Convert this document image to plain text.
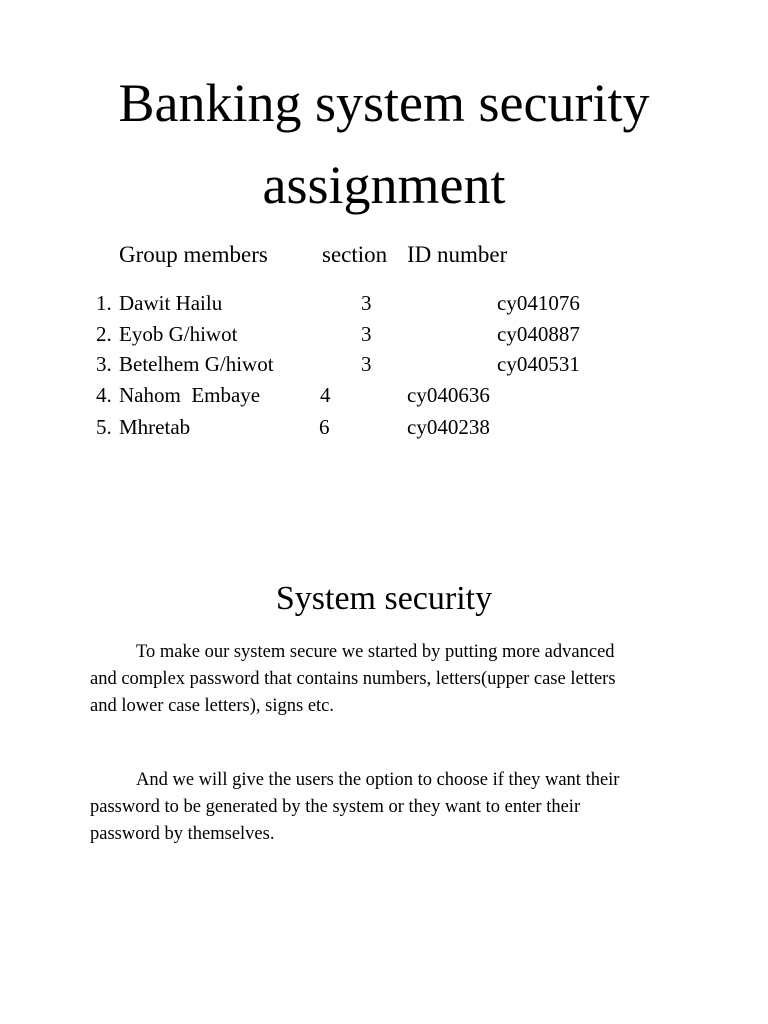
Banking system security
assignment
Group members section ID number
1. Dawit Hailu	3	cy041076
2. Eyob G/hiwot	3	cy040887
3. Betelhem G/hiwot	3	cy040531
4. Nahom  Embaye	4	cy040636
5. Mhretab	6	cy040238
System security

To make our system secure we started by putting more advanced
and complex password that contains numbers, letters(upper case letters
and lower case letters), signs etc.

And we will give the users the option to choose if they want their
password to be generated by the system or they want to enter their
password by themselves.
